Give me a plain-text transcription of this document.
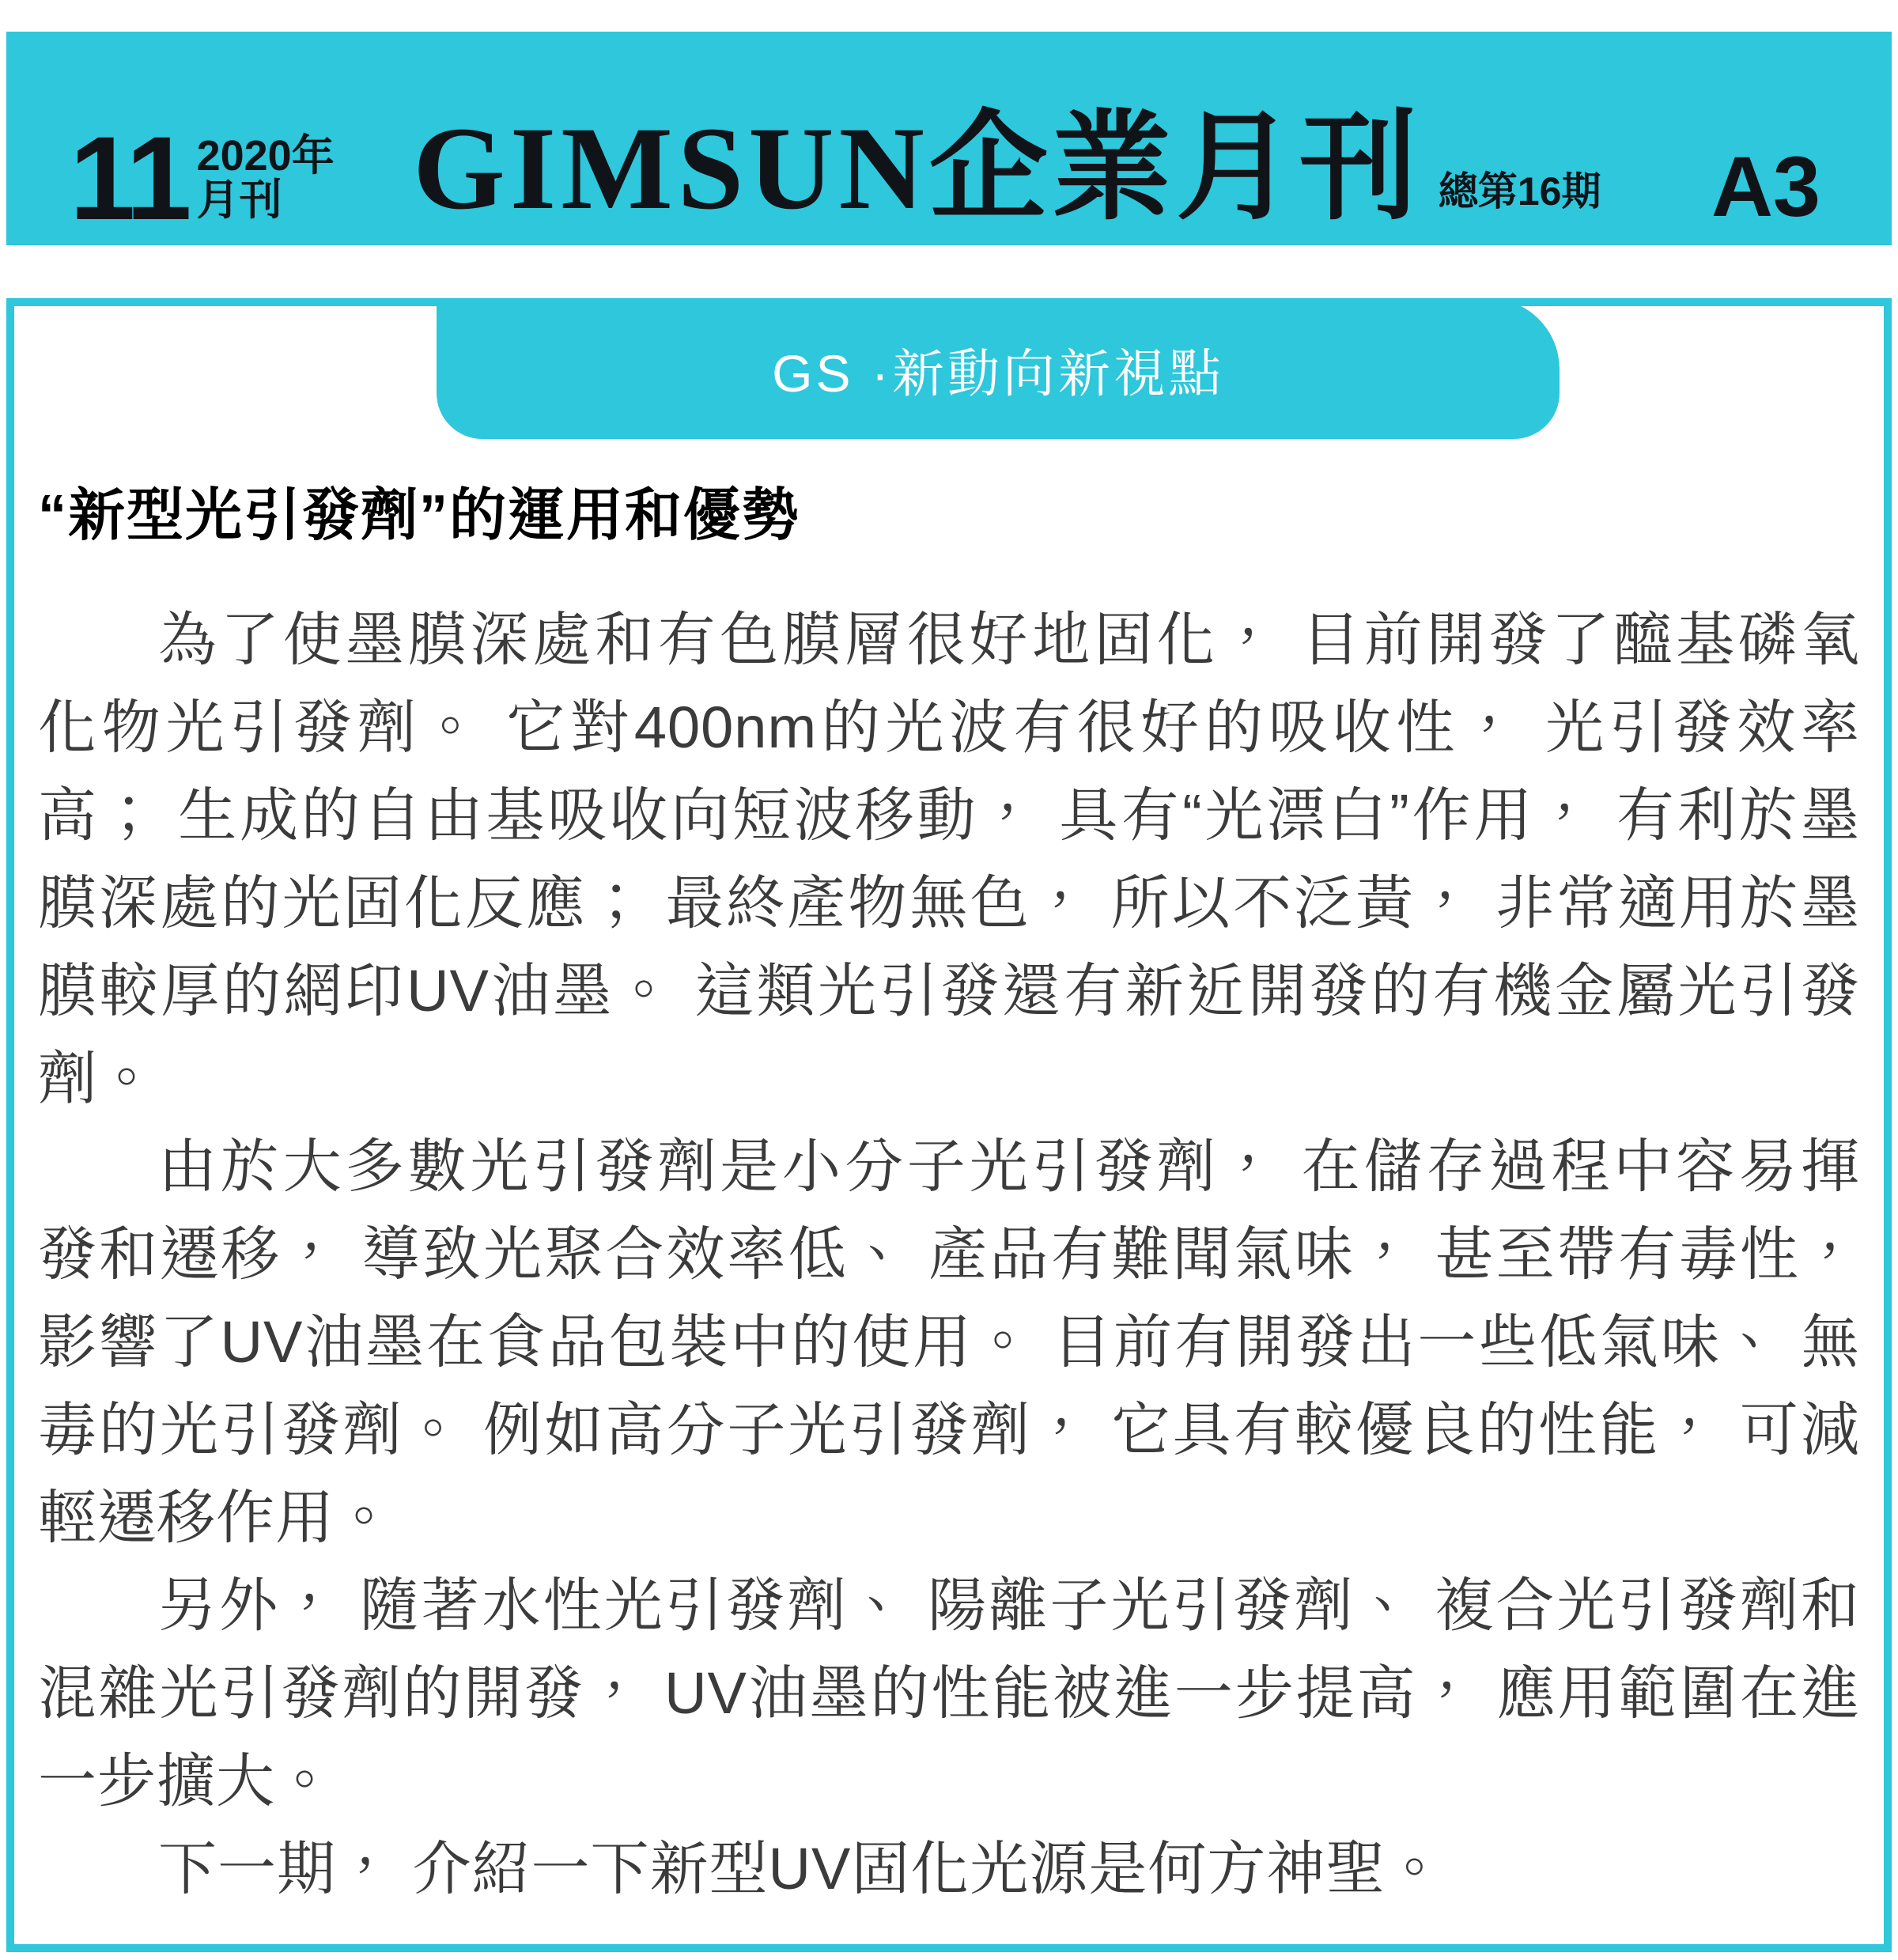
11 2020年
月刊	GIMSUN企業月刊 總第16期 A3
GS ·新動向新視點
“新型光引發劑”的運用和優勢

為了使墨膜深處和有色膜層很好地固化， 目前開發了醯基磷氧

化物光引發劑。 它對400nm的光波有很好的吸收性， 光引發效率

高； 生成的自由基吸收向短波移動， 具有“光漂白”作用， 有利於墨

膜深處的光固化反應； 最終產物無色， 所以不泛黃， 非常適用於墨

膜較厚的網印UV油墨。 這類光引發還有新近開發的有機金屬光引發

劑。

由於大多數光引發劑是小分子光引發劑， 在儲存過程中容易揮

發和遷移， 導致光聚合效率低、 產品有難聞氣味， 甚至帶有毒性，

影響了UV油墨在食品包裝中的使用。 目前有開發出一些低氣味、 無

毒的光引發劑。 例如高分子光引發劑， 它具有較優良的性能， 可減

輕遷移作用。

另外， 隨著水性光引發劑、 陽離子光引發劑、 複合光引發劑和

混雜光引發劑的開發， UV油墨的性能被進一步提高， 應用範圍在進

一步擴大。

下一期， 介紹一下新型UV固化光源是何方神聖。
